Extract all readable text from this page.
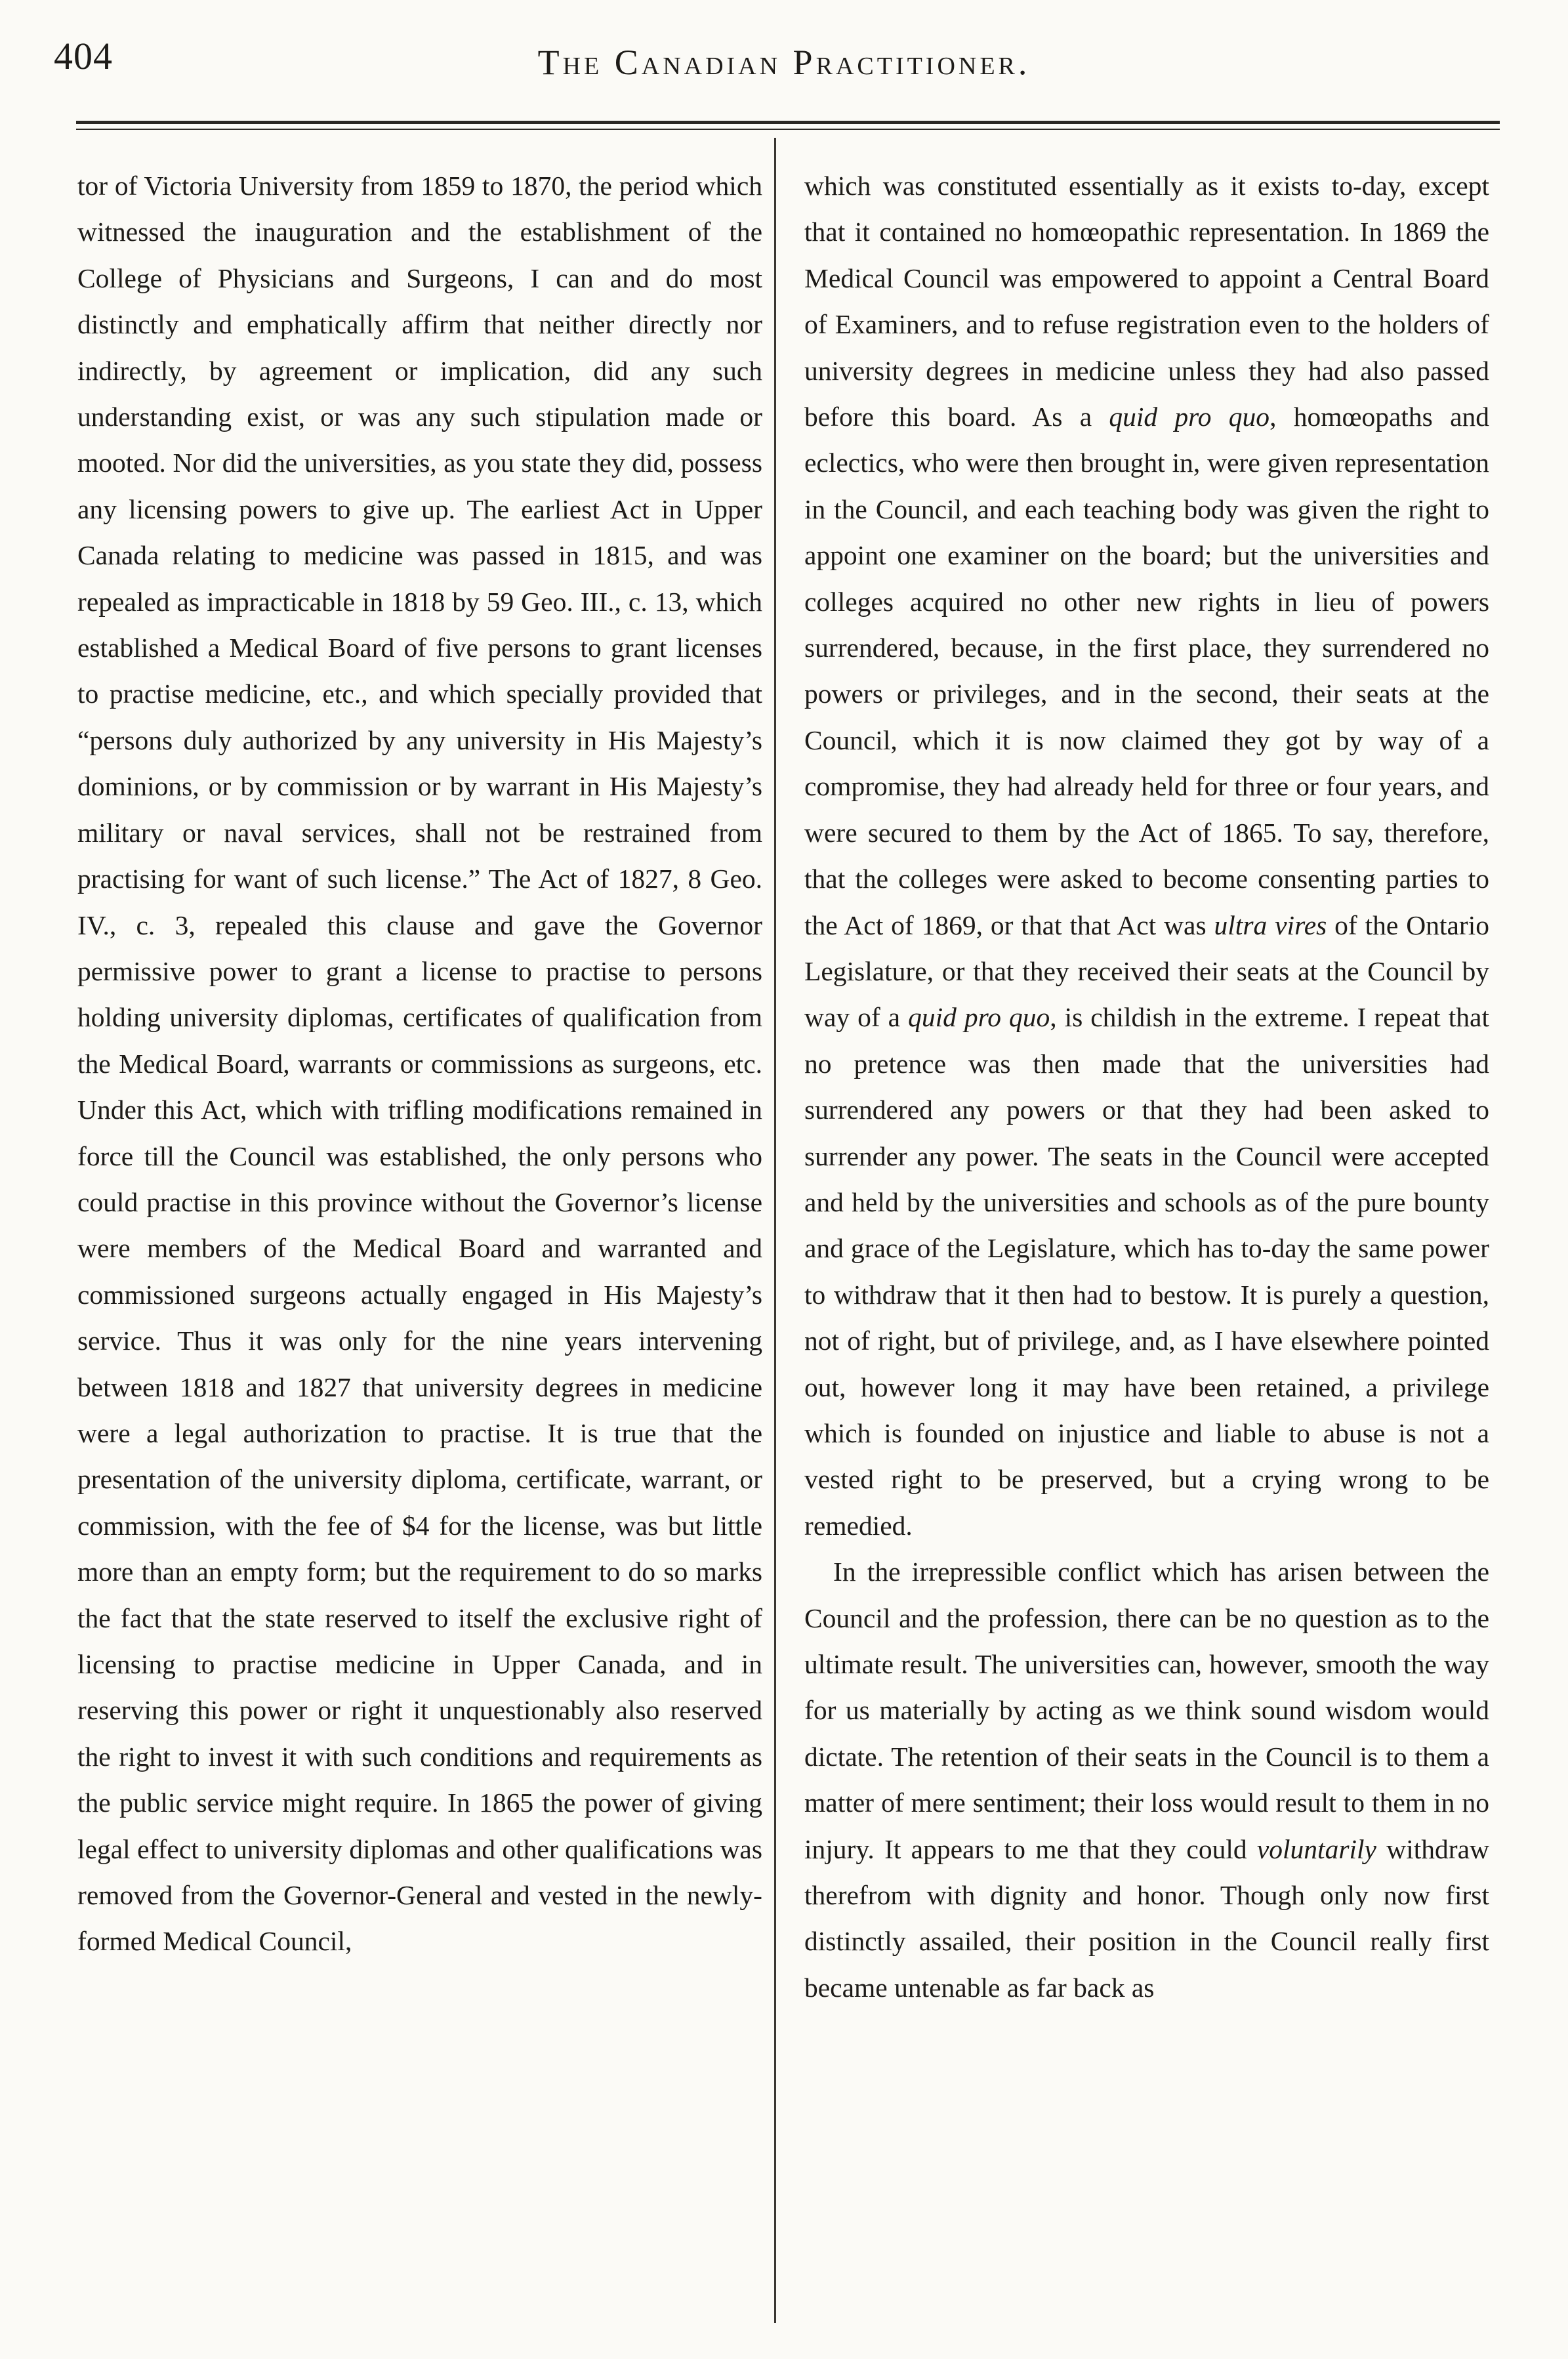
404	The Canadian Practitioner.

tor of Victoria University from 1859 to 1870, the period which witnessed the inauguration and the establishment of the College of Physicians and Surgeons, I can and do most distinctly and emphatically affirm that neither directly nor indirectly, by agreement or implication, did any such understanding exist, or was any such stipulation made or mooted. Nor did the universities, as you state they did, possess any licensing powers to give up. The earliest Act in Upper Canada relating to medicine was passed in 1815, and was repealed as impracticable in 1818 by 59 Geo. III., c. 13, which established a Medical Board of five persons to grant licenses to practise medicine, etc., and which specially provided that “persons duly authorized by any university in His Majesty’s dominions, or by commission or by warrant in His Majesty’s military or naval services, shall not be restrained from practising for want of such license.” The Act of 1827, 8 Geo. IV., c. 3, repealed this clause and gave the Governor permissive power to grant a license to practise to persons holding university diplomas, certificates of qualification from the Medical Board, warrants or commissions as surgeons, etc. Under this Act, which with trifling modifications remained in force till the Council was established, the only persons who could practise in this province without the Governor’s license were members of the Medical Board and warranted and commissioned surgeons actually engaged in His Majesty’s service. Thus it was only for the nine years intervening between 1818 and 1827 that university degrees in medicine were a legal authorization to practise. It is true that the presentation of the university diploma, certificate, warrant, or commission, with the fee of $4 for the license, was but little more than an empty form; but the requirement to do so marks the fact that the state reserved to itself the exclusive right of licensing to practise medicine in Upper Canada, and in reserving this power or right it unquestionably also reserved the right to invest it with such conditions and requirements as the public service might require. In 1865 the power of giving legal effect to university diplomas and other qualifications was removed from the Governor-General and vested in the newly-formed Medical Council,

which was constituted essentially as it exists to-day, except that it contained no homœopathic representation. In 1869 the Medical Council was empowered to appoint a Central Board of Examiners, and to refuse registration even to the holders of university degrees in medicine unless they had also passed before this board. As a quid pro quo, homœopaths and eclectics, who were then brought in, were given representation in the Council, and each teaching body was given the right to appoint one examiner on the board; but the universities and colleges acquired no other new rights in lieu of powers surrendered, because, in the first place, they surrendered no powers or privileges, and in the second, their seats at the Council, which it is now claimed they got by way of a compromise, they had already held for three or four years, and were secured to them by the Act of 1865. To say, therefore, that the colleges were asked to become consenting parties to the Act of 1869, or that that Act was ultra vires of the Ontario Legislature, or that they received their seats at the Council by way of a quid pro quo, is childish in the extreme. I repeat that no pretence was then made that the universities had surrendered any powers or that they had been asked to surrender any power. The seats in the Council were accepted and held by the universities and schools as of the pure bounty and grace of the Legislature, which has to-day the same power to withdraw that it then had to bestow. It is purely a question, not of right, but of privilege, and, as I have elsewhere pointed out, however long it may have been retained, a privilege which is founded on injustice and liable to abuse is not a vested right to be preserved, but a crying wrong to be remedied.

In the irrepressible conflict which has arisen between the Council and the profession, there can be no question as to the ultimate result. The universities can, however, smooth the way for us materially by acting as we think sound wisdom would dictate. The retention of their seats in the Council is to them a matter of mere sentiment; their loss would result to them in no injury. It appears to me that they could voluntarily withdraw therefrom with dignity and honor. Though only now first distinctly assailed, their position in the Council really first became untenable as far back as
